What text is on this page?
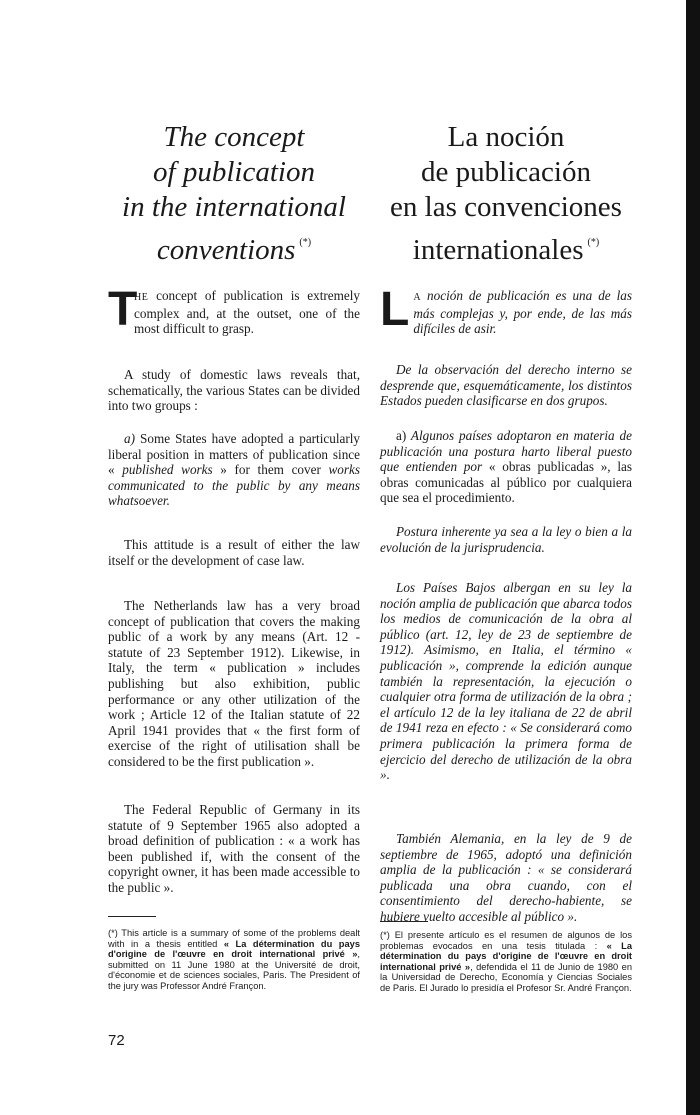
The concept
of publication
in the international
conventions (*)

T
HE concept of publication is extremely complex and, at the outset, one of the most difficult to grasp.

A study of domestic laws reveals that, schematically, the various States can be divided into two groups :

a) Some States have adopted a particularly liberal position in matters of publication since « published works » for them cover works communicated to the public by any means whatsoever.

This attitude is a result of either the law itself or the development of case law.

The Netherlands law has a very broad concept of publication that covers the making public of a work by any means (Art. 12 - statute of 23 September 1912). Likewise, in Italy, the term « publication » includes publishing but also exhibition, public performance or any other utilization of the work ; Article 12 of the Italian statute of 22 April 1941 provides that « the first form of exercise of the right of utilisation shall be considered to be the first publication ».

The Federal Republic of Germany in its statute of 9 September 1965 also adopted a broad definition of publication : « a work has been published if, with the consent of the copyright owner, it has been made accessible to the public ».

(*) This article is a summary of some of the problems dealt with in a thesis entitled « La détermination du pays d'origine de l'œuvre en droit international privé », submitted on 11 June 1980 at the Université de droit, d'économie et de sciences sociales, Paris. The President of the jury was Professor André Françon.

La noción
de publicación
en las convenciones
internationales (*)

L A noción de publicación es una de las más complejas y, por ende, de las más difíciles de asir.

De la observación del derecho interno se desprende que, esquemáticamente, los distintos Estados pueden clasificarse en dos grupos.

a) Algunos países adoptaron en materia de publicación una postura harto liberal puesto que entienden por « obras publicadas », las obras comunicadas al público por cualquiera que sea el procedimiento.

Postura inherente ya sea a la ley o bien a la evolución de la jurisprudencia.

Los Países Bajos albergan en su ley la noción amplia de publicación que abarca todos los medios de comunicación de la obra al público (art. 12, ley de 23 de septiembre de 1912). Asimismo, en Italia, el término « publicación », comprende la edición aunque también la representación, la ejecución o cualquier otra forma de utilización de la obra ; el artículo 12 de la ley italiana de 22 de abril de 1941 reza en efecto : « Se considerará como primera publicación la primera forma de ejercicio del derecho de utilización de la obra ».

También Alemania, en la ley de 9 de septiembre de 1965, adoptó una definición amplia de la publicación : « se considerará publicada una obra cuando, con el consentimiento del derecho-habiente, se hubiere vuelto accesible al público ».

(*) El presente artículo es el resumen de algunos de los problemas evocados en una tesis titulada : « La détermination du pays d'origine de l'œuvre en droit international privé », defendida el 11 de Junio de 1980 en la Universidad de Derecho, Economía y Ciencias Sociales de Paris. El Jurado lo presidía el Profesor Sr. André Françon.

72
